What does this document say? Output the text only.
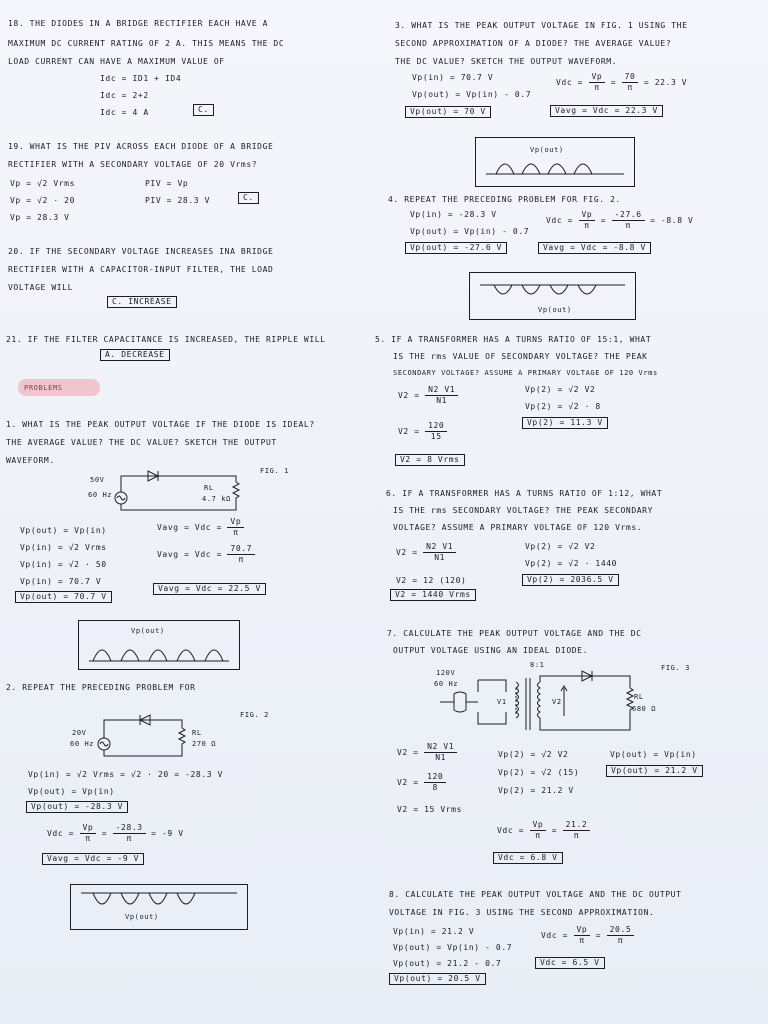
18. THE DIODES IN A BRIDGE RECTIFIER EACH HAVE A
MAXIMUM DC CURRENT RATING OF 2 A. THIS MEANS THE DC
LOAD CURRENT CAN HAVE A MAXIMUM VALUE OF
Idc = ID1 + ID4
Idc = 2+2
Idc = 4 A	C.
19. WHAT IS THE PIV ACROSS EACH DIODE OF A BRIDGE
RECTIFIER WITH A SECONDARY VOLTAGE OF 20 Vrms?
Vp = √2 Vrms
Vp = √2 · 20
Vp = 28.3 V
PIV = Vp
PIV = 28.3 V	C.
20. IF THE SECONDARY VOLTAGE INCREASES INA BRIDGE
RECTIFIER WITH A CAPACITOR-INPUT FILTER, THE LOAD
VOLTAGE WILL
C. INCREASE
21. IF THE FILTER CAPACITANCE IS INCREASED, THE RIPPLE WILL
A. DECREASE
PROBLEMS
1. WHAT IS THE PEAK OUTPUT VOLTAGE IF THE DIODE IS IDEAL?
THE AVERAGE VALUE? THE DC VALUE? SKETCH THE OUTPUT
WAVEFORM.
FIG. 1
50V
60 Hz
RL
4.7 kΩ
Vp(out) = Vp(in)
Vp(in) = √2 Vrms
Vp(in) = √2 · 50
Vp(in) = 70.7 V
Vp(out) = 70.7 V
Vavg = Vdc = $\frac{Vp}{\pi}$
Vavg = Vdc = $\frac{70.7}{\pi}$
Vavg = Vdc = 22.5 V
Vp(out)
2. REPEAT THE PRECEDING PROBLEM FOR
FIG. 2
20V
60 Hz
RL
270 Ω
Vp(in) = √2 Vrms = √2 · 20 = -28.3 V
Vp(out) = Vp(in)
Vp(out) = -28.3 V
Vdc = $\frac{Vp}{\pi} = \frac{-28.3}{\pi} = -9$ V
Vavg = Vdc = -9 V
Vp(out)
3. WHAT IS THE PEAK OUTPUT VOLTAGE IN FIG. 1 USING THE
SECOND APPROXIMATION OF A DIODE? THE AVERAGE VALUE?
THE DC VALUE? SKETCH THE OUTPUT WAVEFORM.
Vp(in) = 70.7 V
Vp(out) = Vp(in) - 0.7
Vp(out) = 70 V
Vdc = $\frac{Vp}{\pi} = \frac{70}{\pi} = 22.3$ V
Vavg = Vdc = 22.3 V
Vp(out)
4. REPEAT THE PRECEDING PROBLEM FOR FIG. 2.
Vp(in) = -28.3 V
Vp(out) = Vp(in) - 0.7
Vp(out) = -27.6 V
Vdc = $\frac{Vp}{\pi} = \frac{-27.6}{\pi} = -8.8$ V
Vavg = Vdc = -8.8 V
Vp(out)
5. IF A TRANSFORMER HAS A TURNS RATIO OF 15:1, WHAT
IS THE rms VALUE OF SECONDARY VOLTAGE? THE PEAK
SECONDARY VOLTAGE? ASSUME A PRIMARY VOLTAGE OF 120 Vrms
$V2 = \frac{N2 V1}{N1}$
$V2 = \frac{120}{15}$
V2 = 8 Vrms
Vp(2) = √2 V2
Vp(2) = √2 · 8
Vp(2) = 11.3 V
6. IF A TRANSFORMER HAS A TURNS RATIO OF 1:12, WHAT
IS THE rms SECONDARY VOLTAGE? THE PEAK SECONDARY
VOLTAGE? ASSUME A PRIMARY VOLTAGE OF 120 Vrms.
$V2 = \frac{N2 V1}{N1}$
V2 = 12 (120)
V2 = 1440 Vrms
Vp(2) = √2 V2
Vp(2) = √2 · 1440
Vp(2) = 2036.5 V
7. CALCULATE THE PEAK OUTPUT VOLTAGE AND THE DC
OUTPUT VOLTAGE USING AN IDEAL DIODE.
FIG. 3
8:1
120V
60 Hz
V1	V2
RL
680 Ω
$V2 = \frac{N2 V1}{N1}$
$V2 = \frac{120}{8}$
V2 = 15 Vrms
Vp(2) = √2 V2
Vp(2) = √2 (15)
Vp(2) = 21.2 V
Vp(out) = Vp(in)
Vp(out) = 21.2 V
Vdc = $\frac{Vp}{\pi} = \frac{21.2}{\pi}$
Vdc = 6.8 V
8. CALCULATE THE PEAK OUTPUT VOLTAGE AND THE DC OUTPUT
VOLTAGE IN FIG. 3 USING THE SECOND APPROXIMATION.
Vp(in) = 21.2 V
Vp(out) = Vp(in) - 0.7
Vp(out) = 21.2 - 0.7
Vp(out) = 20.5 V
Vdc = $\frac{Vp}{\pi} = \frac{20.5}{\pi}$
Vdc = 6.5 V
